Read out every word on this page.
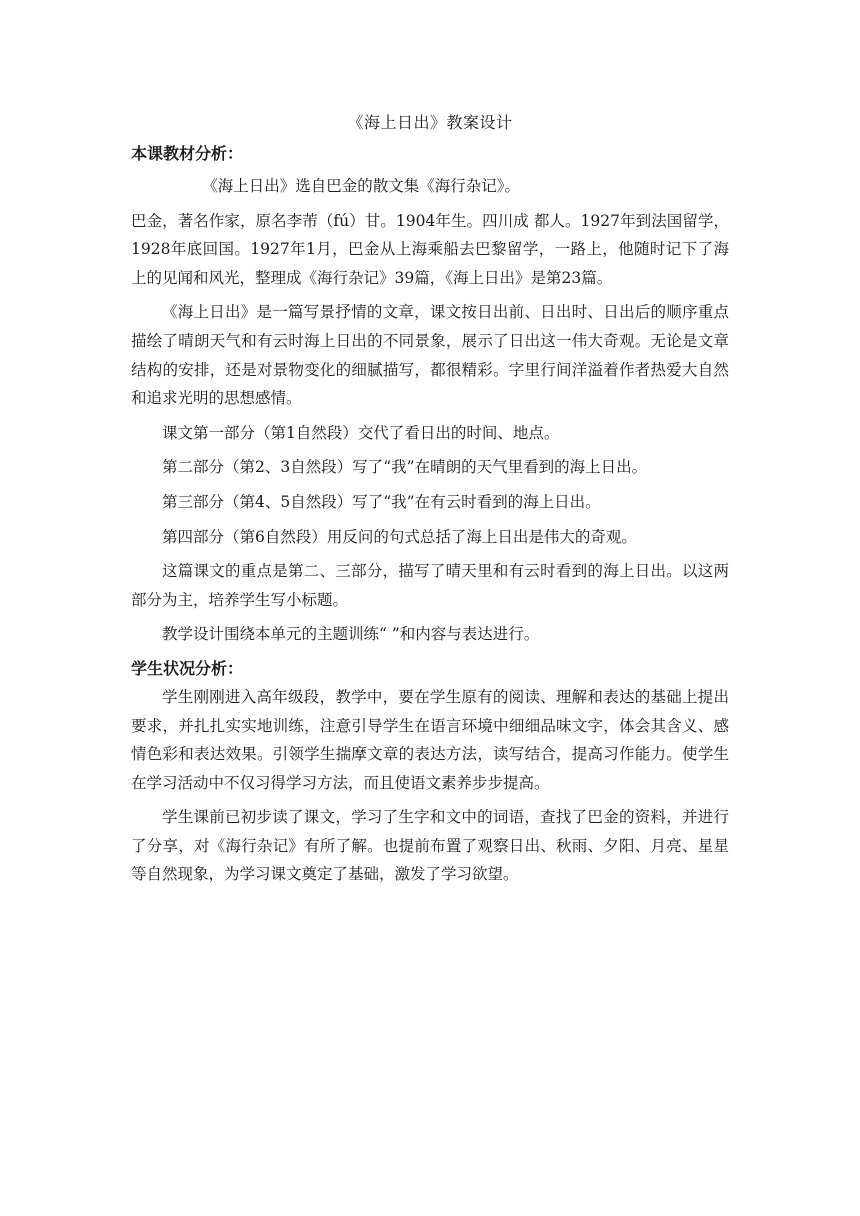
《海上日出》教案设计
本课教材分析：

《海上日出》选自巴金的散文集《海行杂记》。

巴金，著名作家，原名李芾（fú）甘。1904年生。四川成 都人。1927年到法国留学，1928年底回国。1927年1月，巴金从上海乘船去巴黎留学，一路上，他随时记下了海上的见闻和风光，整理成《海行杂记》39篇，《海上日出》是第23篇。

《海上日出》是一篇写景抒情的文章，课文按日出前、日出时、日出后的顺序重点描绘了晴朗天气和有云时海上日出的不同景象，展示了日出这一伟大奇观。无论是文章结构的安排，还是对景物变化的细腻描写，都很精彩。字里行间洋溢着作者热爱大自然和追求光明的思想感情。

课文第一部分（第1自然段）交代了看日出的时间、地点。

第二部分（第2、3自然段）写了“我”在晴朗的天气里看到的海上日出。

第三部分（第4、5自然段）写了“我”在有云时看到的海上日出。

第四部分（第6自然段）用反问的句式总括了海上日出是伟大的奇观。

这篇课文的重点是第二、三部分，描写了晴天里和有云时看到的海上日出。以这两部分为主，培养学生写小标题。

教学设计围绕本单元的主题训练“ ”和内容与表达进行。

学生状况分析：

学生刚刚进入高年级段，教学中，要在学生原有的阅读、理解和表达的基础上提出要求，并扎扎实实地训练，注意引导学生在语言环境中细细品味文字，体会其含义、感情色彩和表达效果。引领学生揣摩文章的表达方法，读写结合，提高习作能力。使学生在学习活动中不仅习得学习方法，而且使语文素养步步提高。

学生课前已初步读了课文，学习了生字和文中的词语，查找了巴金的资料，并进行了分享，对《海行杂记》有所了解。也提前布置了观察日出、秋雨、夕阳、月亮、星星等自然现象，为学习课文奠定了基础，激发了学习欲望。
